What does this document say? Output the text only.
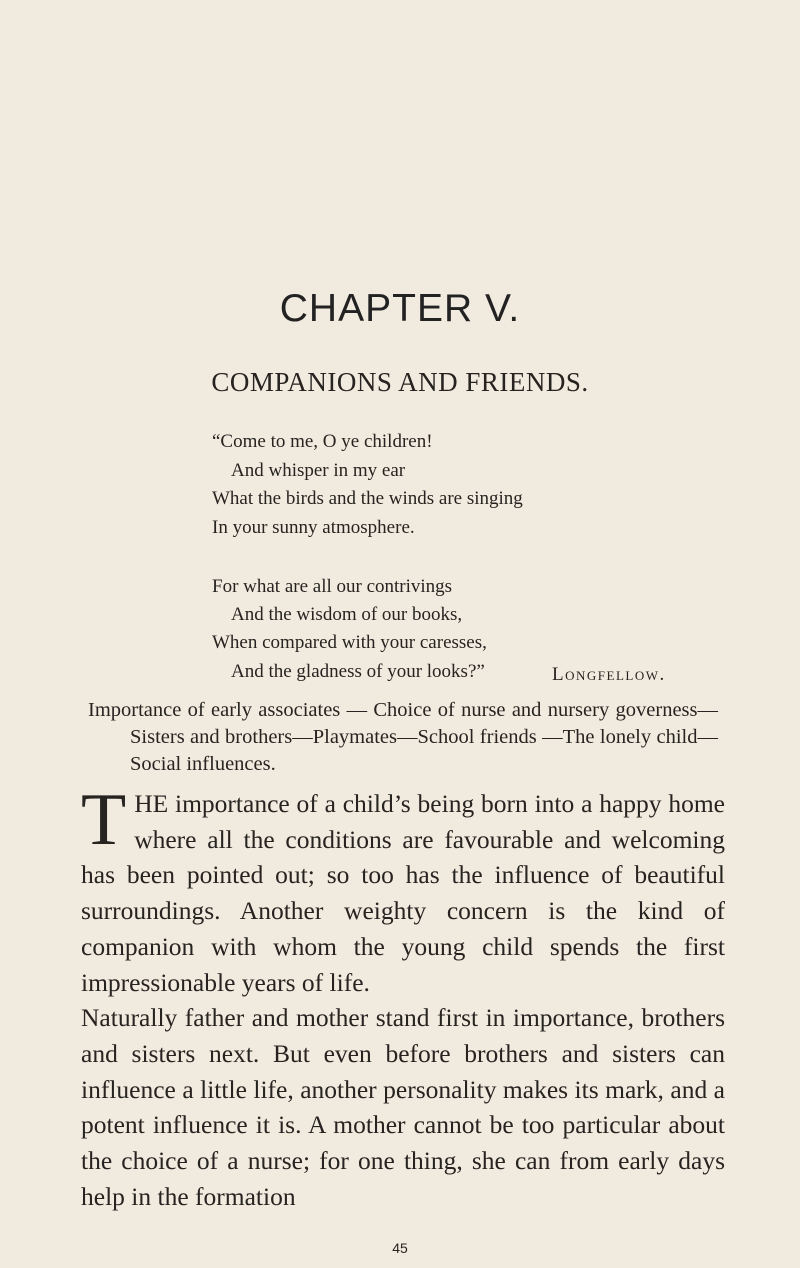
CHAPTER V.
COMPANIONS AND FRIENDS.
“Come to me, O ye children!
And whisper in my ear
What the birds and the winds are singing
In your sunny atmosphere.
For what are all our contrivings
And the wisdom of our books,
When compared with your caresses,
And the gladness of your looks?”	Longfellow.

Importance of early associates — Choice of nurse and nursery governess—Sisters and brothers—Playmates—School friends —The lonely child—Social influences.

THE importance of a child’s being born into a happy home where all the conditions are favourable and welcoming has been pointed out; so too has the influence of beautiful surroundings. Another weighty concern is the kind of companion with whom the young child spends the first impressionable years of life.

Naturally father and mother stand first in importance, brothers and sisters next. But even before brothers and sisters can influence a little life, another personality makes its mark, and a potent influence it is. A mother cannot be too particular about the choice of a nurse; for one thing, she can from early days help in the formation

45
